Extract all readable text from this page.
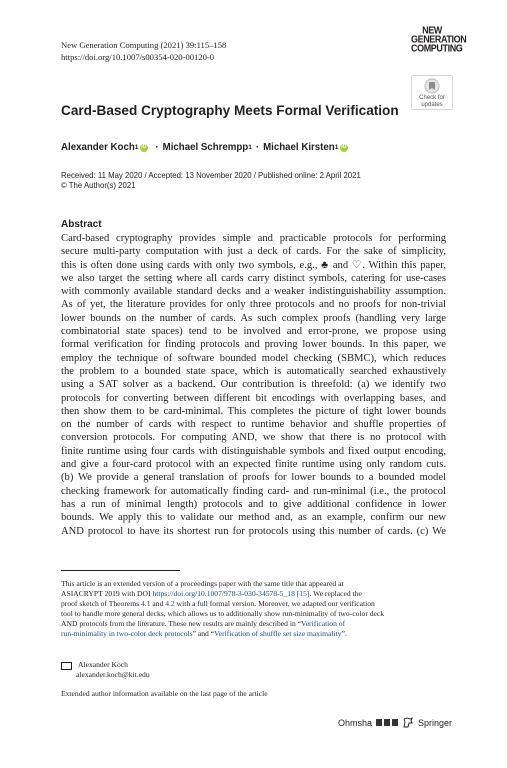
New Generation Computing (2021) 39:115–158
https://doi.org/10.1007/s00354-020-00120-0
NEW
GENERATION
COMPUTING
Check for
updates
Card-Based Cryptography Meets Formal Verification
Alexander Koch 1
iD · Michael Schrempp 1 · Michael Kirsten 1
iD
Received: 11 May 2020 / Accepted: 13 November 2020 / Published online: 2 April 2021
© The Author(s) 2021
Abstract
Card-based cryptography provides simple and practicable protocols for performing
secure multi-party computation with just a deck of cards. For the sake of simplicity,
this is often done using cards with only two symbols, e.g., ♣ and ♡. Within this paper,
we also target the setting where all cards carry distinct symbols, catering for use-cases
with commonly available standard decks and a weaker indistinguishability assumption.
As of yet, the literature provides for only three protocols and no proofs for non-trivial
lower bounds on the number of cards. As such complex proofs (handling very large
combinatorial state spaces) tend to be involved and error-prone, we propose using
formal verification for finding protocols and proving lower bounds. In this paper, we
employ the technique of software bounded model checking (SBMC), which reduces
the problem to a bounded state space, which is automatically searched exhaustively
using a SAT solver as a backend. Our contribution is threefold: (a) we identify two
protocols for converting between different bit encodings with overlapping bases, and
then show them to be card-minimal. This completes the picture of tight lower bounds
on the number of cards with respect to runtime behavior and shuffle properties of
conversion protocols. For computing AND, we show that there is no protocol with
finite runtime using four cards with distinguishable symbols and fixed output encoding,
and give a four-card protocol with an expected finite runtime using only random cuts.
(b) We provide a general translation of proofs for lower bounds to a bounded model
checking framework for automatically finding card- and run-minimal (i.e., the protocol
has a run of minimal length) protocols and to give additional confidence in lower
bounds. We apply this to validate our method and, as an example, confirm our new
AND protocol to have its shortest run for protocols using this number of cards. (c) We
This article is an extended version of a proceedings paper with the same title that appeared at
ASIACRYPT 2019 with DOI https://doi.org/10.1007/978-3-030-34578-5_18 [15]. We replaced the
proof sketch of Theorems 4.1 and 4.2 with a full formal version. Moreover, we adapted our verification
tool to handle more general decks, which allows us to additionally show run-minimality of two-color deck
AND protocols from the literature. These new results are mainly described in “Verification of
run-minimality in two-color deck protocols” and “Verification of shuffle set size maximality”.
Alexander Koch
alexander.koch@kit.edu
Extended author information available on the last page of the article
Ohmsha	Springer
